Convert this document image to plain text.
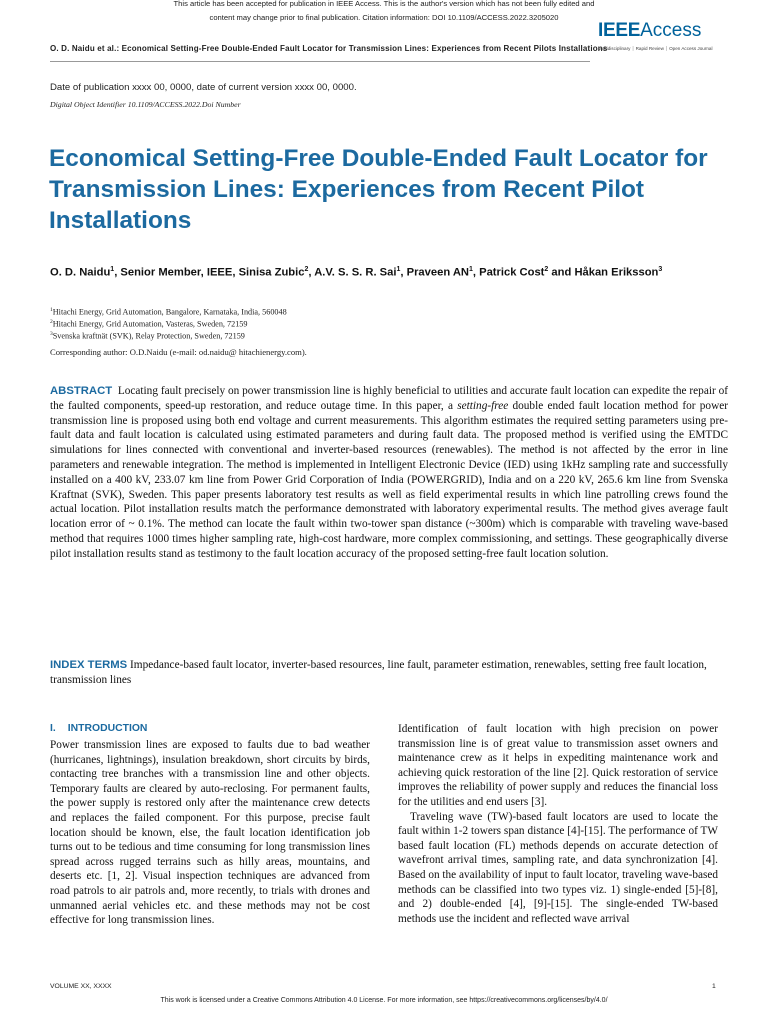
This article has been accepted for publication in IEEE Access. This is the author's version which has not been fully edited and
content may change prior to final publication. Citation information: DOI 10.1109/ACCESS.2022.3205020
O. D. Naidu et al.: Economical Setting-Free Double-Ended Fault Locator for Transmission Lines: Experiences from Recent Pilots Installations
IEEEAccess
Multidisciplinary ⏐ Rapid Review ⏐ Open Access Journal
Date of publication xxxx 00, 0000, date of current version xxxx 00, 0000.
Digital Object Identifier 10.1109/ACCESS.2022.Doi Number
Economical Setting-Free Double-Ended Fault Locator for Transmission Lines: Experiences from Recent Pilot Installations
O. D. Naidu$^1$, Senior Member, IEEE, Sinisa Zubic$^2$, A.V. S. S. R. Sai$^1$, Praveen $AN^1$, Patrick Cost$^2$ and Håkan Eriksson$^3$
$^1$Hitachi Energy, Grid Automation, Bangalore, Karnataka, India, 560048
$^2$Hitachi Energy, Grid Automation, Vasteras, Sweden, 72159
$^3$Svenska kraftnät (SVK), Relay Protection, Sweden, 72159
Corresponding author: O.D.Naidu (e-mail: od.naidu@ hitachienergy.com).

ABSTRACT Locating fault precisely on power transmission line is highly beneficial to utilities and accurate fault location can expedite the repair of the faulted components, speed-up restoration, and reduce outage time. In this paper, a setting-free double ended fault location method for power transmission line is proposed using both end voltage and current measurements. This algorithm estimates the required setting parameters using pre-fault data and fault location is calculated using estimated parameters and during fault data. The proposed method is verified using the EMTDC simulations for lines connected with conventional and inverter-based resources (renewables). The method is not affected by the error in line parameters and renewable integration. The method is implemented in Intelligent Electronic Device (IED) using 1kHz sampling rate and successfully installed on a 400 kV, 233.07 km line from Power Grid Corporation of India (POWERGRID), India and on a 220 kV, 265.6 km line from Svenska Kraftnat (SVK), Sweden. This paper presents laboratory test results as well as field experimental results in which line patrolling crews found the actual location. Pilot installation results match the performance demonstrated with laboratory experimental results. The method gives average fault location error of ~ 0.1%. The method can locate the fault within two-tower span distance (~300m) which is comparable with traveling wave-based method that requires 1000 times higher sampling rate, high-cost hardware, more complex commissioning, and settings. These geographically diverse pilot installation results stand as testimony to the fault location accuracy of the proposed setting-free fault location solution.

INDEX TERMS Impedance-based fault locator, inverter-based resources, line fault, parameter estimation, renewables, setting free fault location, transmission lines

I. INTRODUCTION

Power transmission lines are exposed to faults due to bad weather (hurricanes, lightnings), insulation breakdown, short circuits by birds, contacting tree branches with a transmission line and other objects. Temporary faults are cleared by auto-reclosing. For permanent faults, the power supply is restored only after the maintenance crew detects and replaces the failed component. For this purpose, precise fault location should be known, else, the fault location identification job turns out to be tedious and time consuming for long transmission lines spread across rugged terrains such as hilly areas, mountains, and deserts etc. [1, 2]. Visual inspection techniques are advanced from road patrols to air patrols and, more recently, to trials with drones and unmanned aerial vehicles etc. and these methods may not be cost effective for long transmission lines.

Identification of fault location with high precision on power transmission line is of great value to transmission asset owners and maintenance crew as it helps in expediting maintenance work and achieving quick restoration of the line [2]. Quick restoration of service improves the reliability of power supply and reduces the financial loss for the utilities and end users [3].

Traveling wave (TW)-based fault locators are used to locate the fault within 1-2 towers span distance [4]-[15]. The performance of TW based fault location (FL) methods depends on accurate detection of wavefront arrival times, sampling rate, and data synchronization [4]. Based on the availability of input to fault locator, traveling wave-based methods can be classified into two types viz. 1) single-ended [5]-[8], and 2) double-ended [4], [9]-[15]. The single-ended TW-based methods use the incident and reflected wave arrival

VOLUME XX, XXXX	1
This work is licensed under a Creative Commons Attribution 4.0 License. For more information, see https://creativecommons.org/licenses/by/4.0/
